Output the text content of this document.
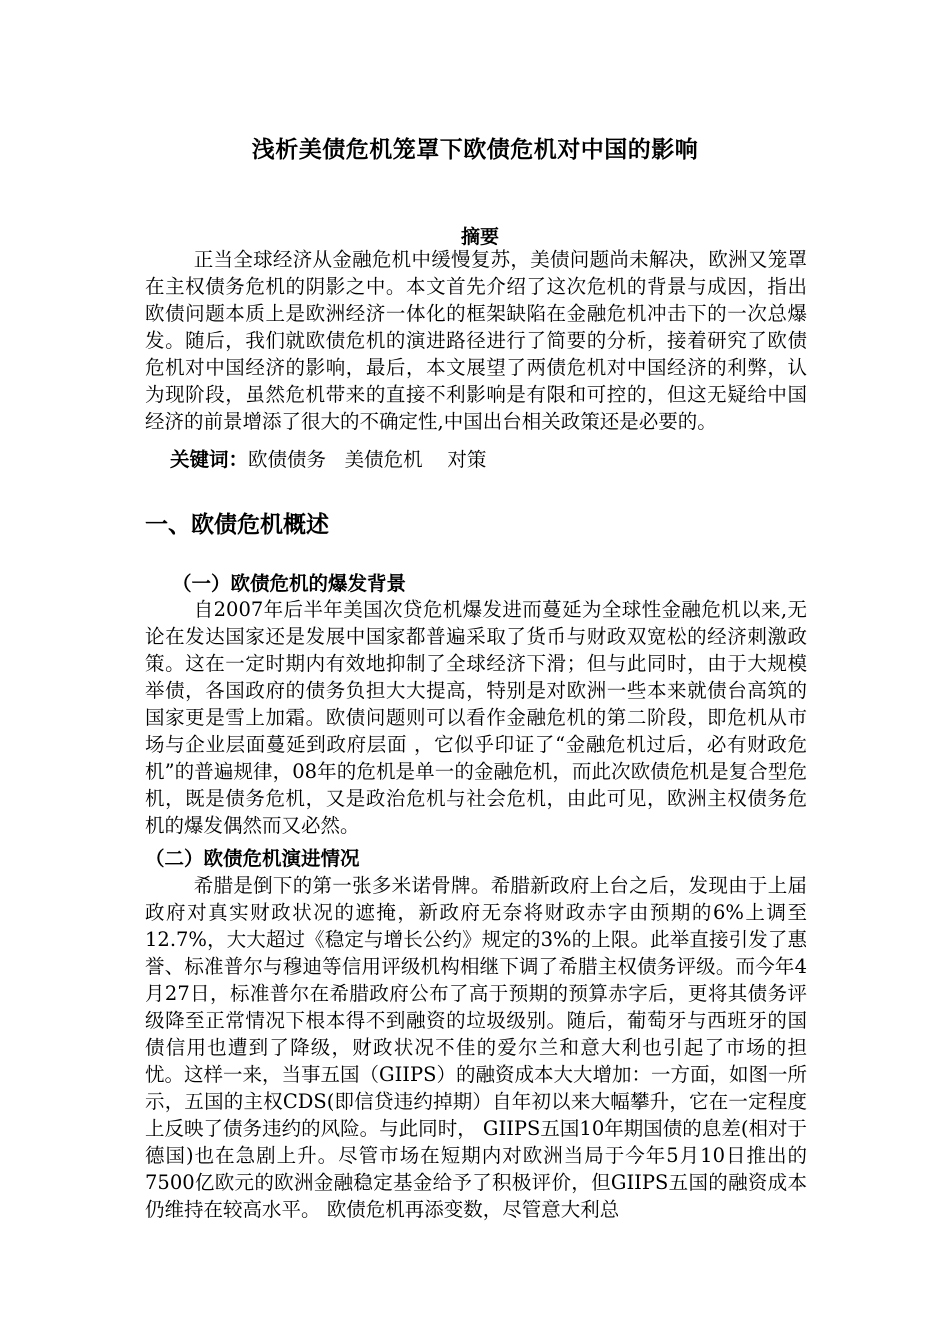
浅析美债危机笼罩下欧债危机对中国的影响
摘要

正当全球经济从金融危机中缓慢复苏，美债问题尚未解决，欧洲又笼罩在主权债务危机的阴影之中。本文首先介绍了这次危机的背景与成因，指出欧债问题本质上是欧洲经济一体化的框架缺陷在金融危机冲击下的一次总爆发。随后，我们就欧债危机的演进路径进行了简要的分析，接着研究了欧债危机对中国经济的影响，最后，本文展望了两债危机对中国经济的利弊，认为现阶段，虽然危机带来的直接不利影响是有限和可控的，但这无疑给中国经济的前景增添了很大的不确定性,中国出台相关政策还是必要的。

关键词：欧债债务   美债危机    对策
一、欧债危机概述
（一）欧债危机的爆发背景

自2007年后半年美国次贷危机爆发进而蔓延为全球性金融危机以来,无论在发达国家还是发展中国家都普遍采取了货币与财政双宽松的经济刺激政策。这在一定时期内有效地抑制了全球经济下滑；但与此同时，由于大规模举债，各国政府的债务负担大大提高，特别是对欧洲一些本来就债台高筑的国家更是雪上加霜。欧债问题则可以看作金融危机的第二阶段，即危机从市场与企业层面蔓延到政府层面 ，它似乎印证了“金融危机过后，必有财政危机”的普遍规律，08年的危机是单一的金融危机，而此次欧债危机是复合型危机，既是债务危机，又是政治危机与社会危机，由此可见，欧洲主权债务危机的爆发偶然而又必然。

（二）欧债危机演进情况

希腊是倒下的第一张多米诺骨牌。希腊新政府上台之后，发现由于上届政府对真实财政状况的遮掩，新政府无奈将财政赤字由预期的6%上调至12.7%，大大超过《稳定与增长公约》规定的3%的上限。此举直接引发了惠誉、标准普尔与穆迪等信用评级机构相继下调了希腊主权债务评级。而今年4月27日，标准普尔在希腊政府公布了高于预期的预算赤字后，更将其债务评级降至正常情况下根本得不到融资的垃圾级别。随后，葡萄牙与西班牙的国债信用也遭到了降级，财政状况不佳的爱尔兰和意大利也引起了市场的担忧。这样一来，当事五国（GIIPS）的融资成本大大增加：一方面，如图一所示，五国的主权CDS(即信贷违约掉期）自年初以来大幅攀升，它在一定程度上反映了债务违约的风险。与此同时， GIIPS五国10年期国债的息差(相对于德国)也在急剧上升。尽管市场在短期内对欧洲当局于今年5月10日推出的7500亿欧元的欧洲金融稳定基金给予了积极评价，但GIIPS五国的融资成本仍维持在较高水平。 欧债危机再添变数，尽管意大利总
